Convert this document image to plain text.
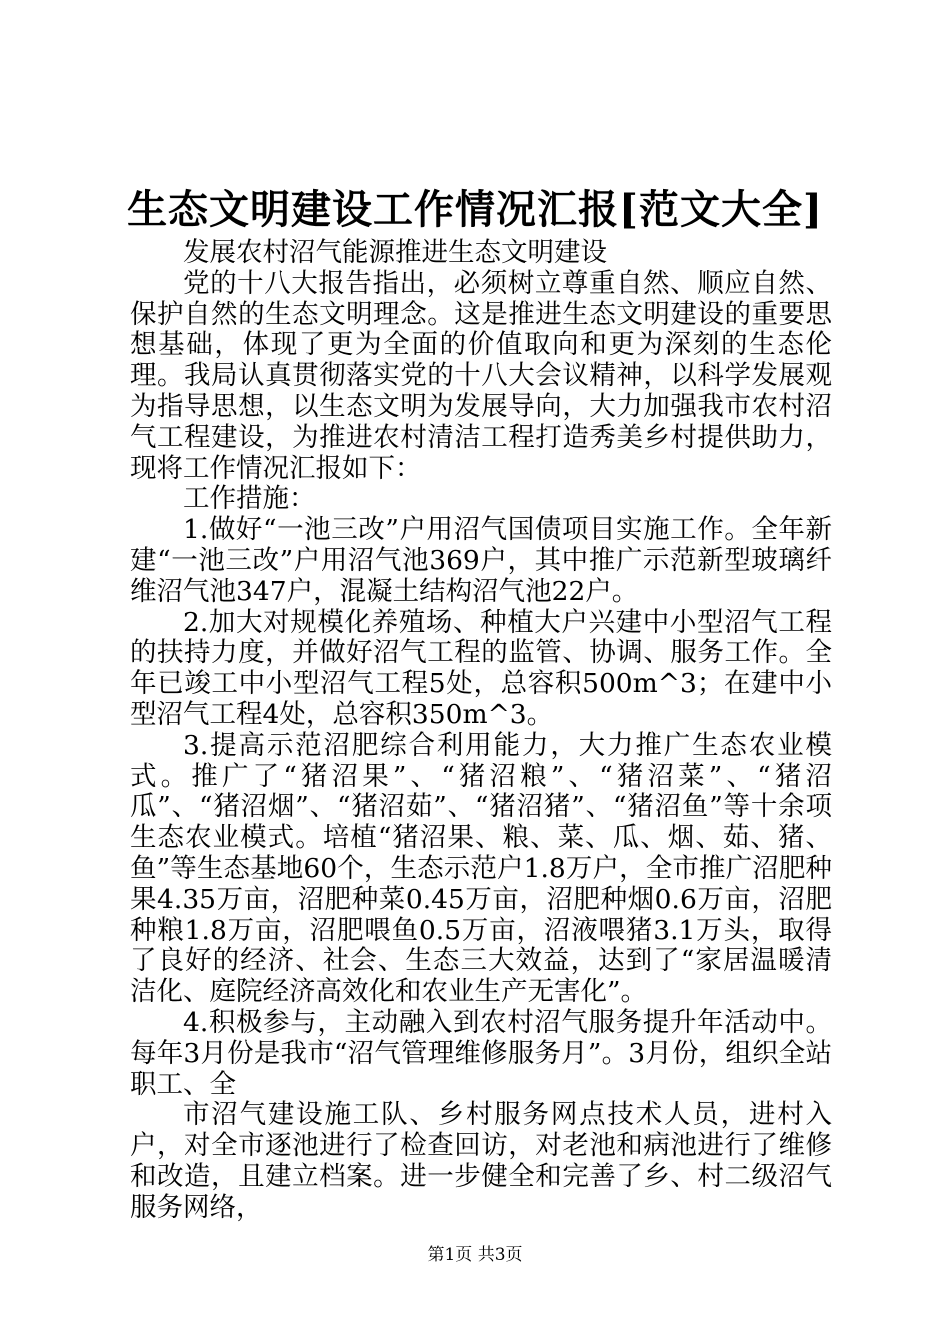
生态文明建设工作情况汇报[范文大全]

发展农村沼气能源推进生态文明建设

党的十八大报告指出，必须树立尊重自然、顺应自然、保护自然的生态文明理念。这是推进生态文明建设的重要思想基础，体现了更为全面的价值取向和更为深刻的生态伦理。我局认真贯彻落实党的十八大会议精神，以科学发展观为指导思想，以生态文明为发展导向，大力加强我市农村沼气工程建设，为推进农村清洁工程打造秀美乡村提供助力，现将工作情况汇报如下：

工作措施：

1.做好“一池三改”户用沼气国债项目实施工作。全年新建“一池三改”户用沼气池369户，其中推广示范新型玻璃纤维沼气池347户，混凝土结构沼气池22户。

2.加大对规模化养殖场、种植大户兴建中小型沼气工程的扶持力度，并做好沼气工程的监管、协调、服务工作。全年已竣工中小型沼气工程5处，总容积500m^3；在建中小型沼气工程4处，总容积350m^3。

3.提高示范沼肥综合利用能力，大力推广生态农业模式。推广了“猪沼果”、“猪沼粮”、“猪沼菜”、“猪沼瓜”、“猪沼烟”、“猪沼茹”、“猪沼猪”、“猪沼鱼”等十余项生态农业模式。培植“猪沼果、粮、菜、瓜、烟、茹、猪、鱼”等生态基地60个，生态示范户1.8万户，全市推广沼肥种果4.35万亩，沼肥种菜0.45万亩，沼肥种烟0.6万亩，沼肥种粮1.8万亩，沼肥喂鱼0.5万亩，沼液喂猪3.1万头，取得了良好的经济、社会、生态三大效益，达到了“家居温暖清洁化、庭院经济高效化和农业生产无害化”。

4.积极参与，主动融入到农村沼气服务提升年活动中。每年3月份是我市“沼气管理维修服务月”。3月份，组织全站职工、全

市沼气建设施工队、乡村服务网点技术人员，进村入户，对全市逐池进行了检查回访，对老池和病池进行了维修和改造，且建立档案。进一步健全和完善了乡、村二级沼气服务网络，

第1页 共3页
